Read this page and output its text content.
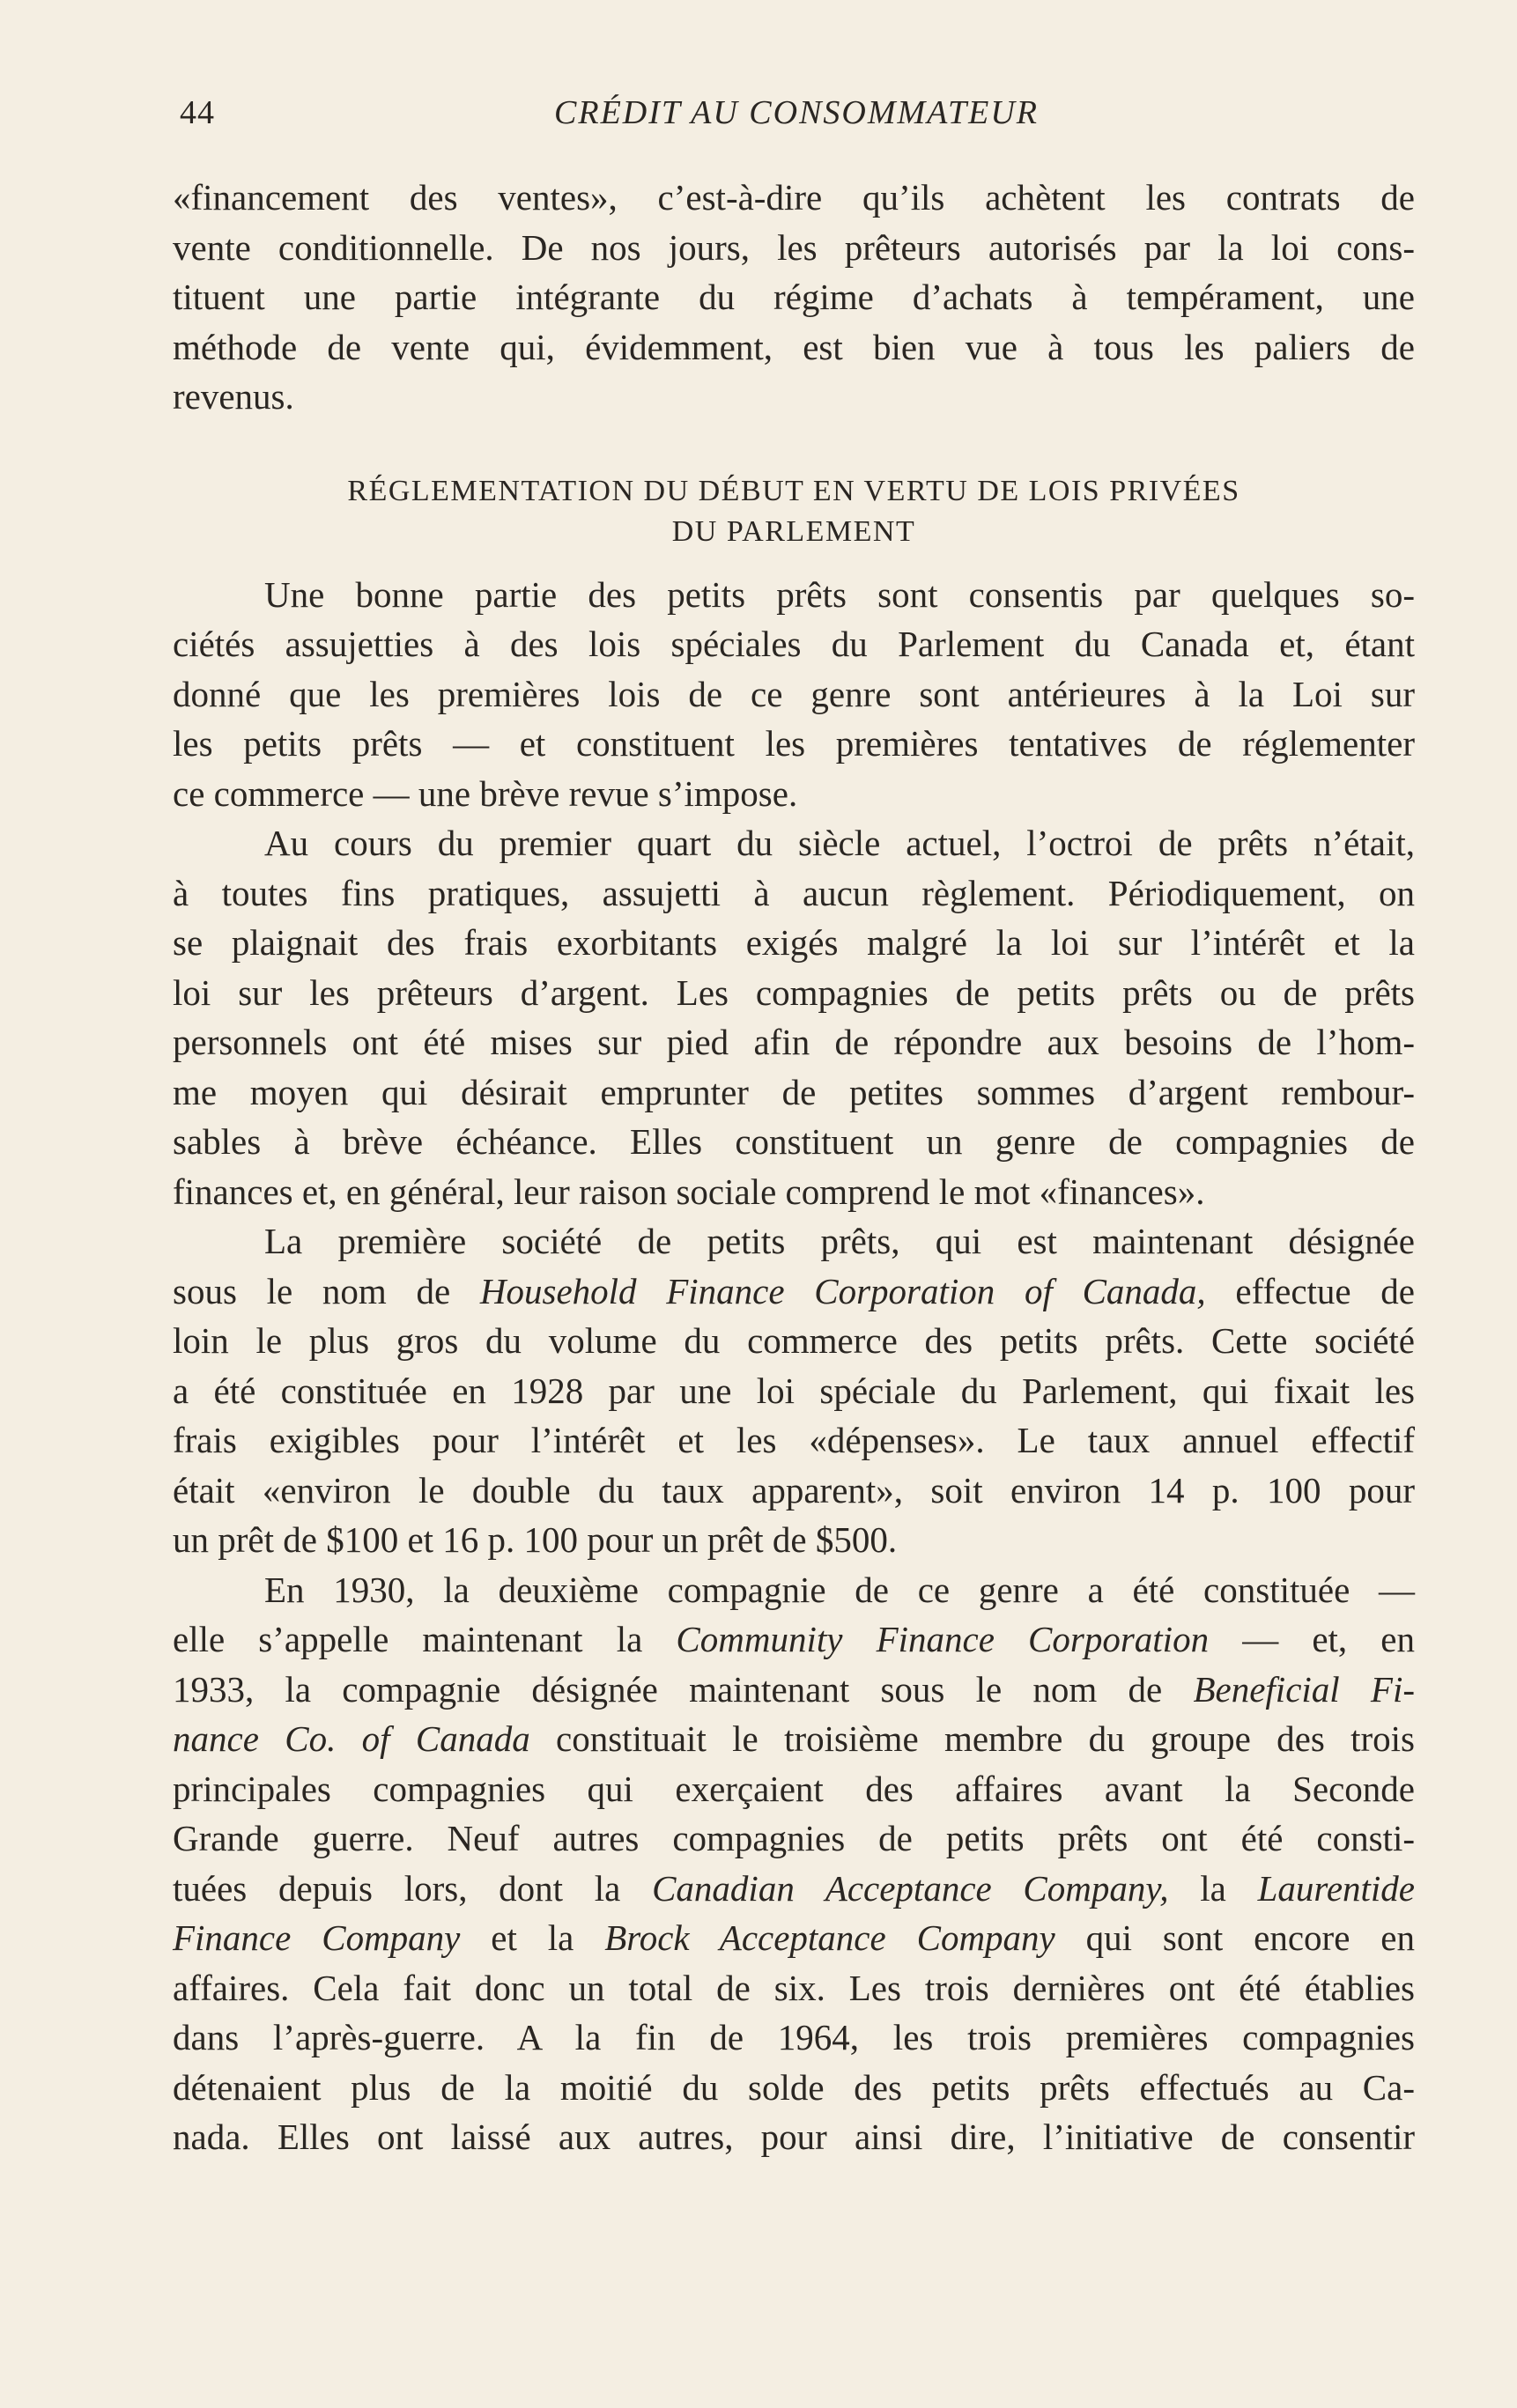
44	CRÉDIT AU CONSOMMATEUR
«financement des ventes», c’est-à-dire qu’ils achètent les contrats de
vente conditionnelle. De nos jours, les prêteurs autorisés par la loi cons-
tituent une partie intégrante du régime d’achats à tempérament, une
méthode de vente qui, évidemment, est bien vue à tous les paliers de
revenus.
RÉGLEMENTATION DU DÉBUT EN VERTU DE LOIS PRIVÉES
DU PARLEMENT
Une bonne partie des petits prêts sont consentis par quelques so-
ciétés assujetties à des lois spéciales du Parlement du Canada et, étant
donné que les premières lois de ce genre sont antérieures à la Loi sur
les petits prêts — et constituent les premières tentatives de réglementer
ce commerce — une brève revue s’impose.
Au cours du premier quart du siècle actuel, l’octroi de prêts n’était,
à toutes fins pratiques, assujetti à aucun règlement. Périodiquement, on
se plaignait des frais exorbitants exigés malgré la loi sur l’intérêt et la
loi sur les prêteurs d’argent. Les compagnies de petits prêts ou de prêts
personnels ont été mises sur pied afin de répondre aux besoins de l’hom-
me moyen qui désirait emprunter de petites sommes d’argent rembour-
sables à brève échéance. Elles constituent un genre de compagnies de
finances et, en général, leur raison sociale comprend le mot «finances».
La première société de petits prêts, qui est maintenant désignée
sous le nom de Household Finance Corporation of Canada, effectue de
loin le plus gros du volume du commerce des petits prêts. Cette société
a été constituée en 1928 par une loi spéciale du Parlement, qui fixait les
frais exigibles pour l’intérêt et les «dépenses». Le taux annuel effectif
était «environ le double du taux apparent», soit environ 14 p. 100 pour
un prêt de $100 et 16 p. 100 pour un prêt de $500.
En 1930, la deuxième compagnie de ce genre a été constituée —
elle s’appelle maintenant la Community Finance Corporation — et, en
1933, la compagnie désignée maintenant sous le nom de Beneficial Fi-
nance Co. of Canada constituait le troisième membre du groupe des trois
principales compagnies qui exerçaient des affaires avant la Seconde
Grande guerre. Neuf autres compagnies de petits prêts ont été consti-
tuées depuis lors, dont la Canadian Acceptance Company, la Laurentide
Finance Company et la Brock Acceptance Company qui sont encore en
affaires. Cela fait donc un total de six. Les trois dernières ont été établies
dans l’après-guerre. A la fin de 1964, les trois premières compagnies
détenaient plus de la moitié du solde des petits prêts effectués au Ca-
nada. Elles ont laissé aux autres, pour ainsi dire, l’initiative de consentir
